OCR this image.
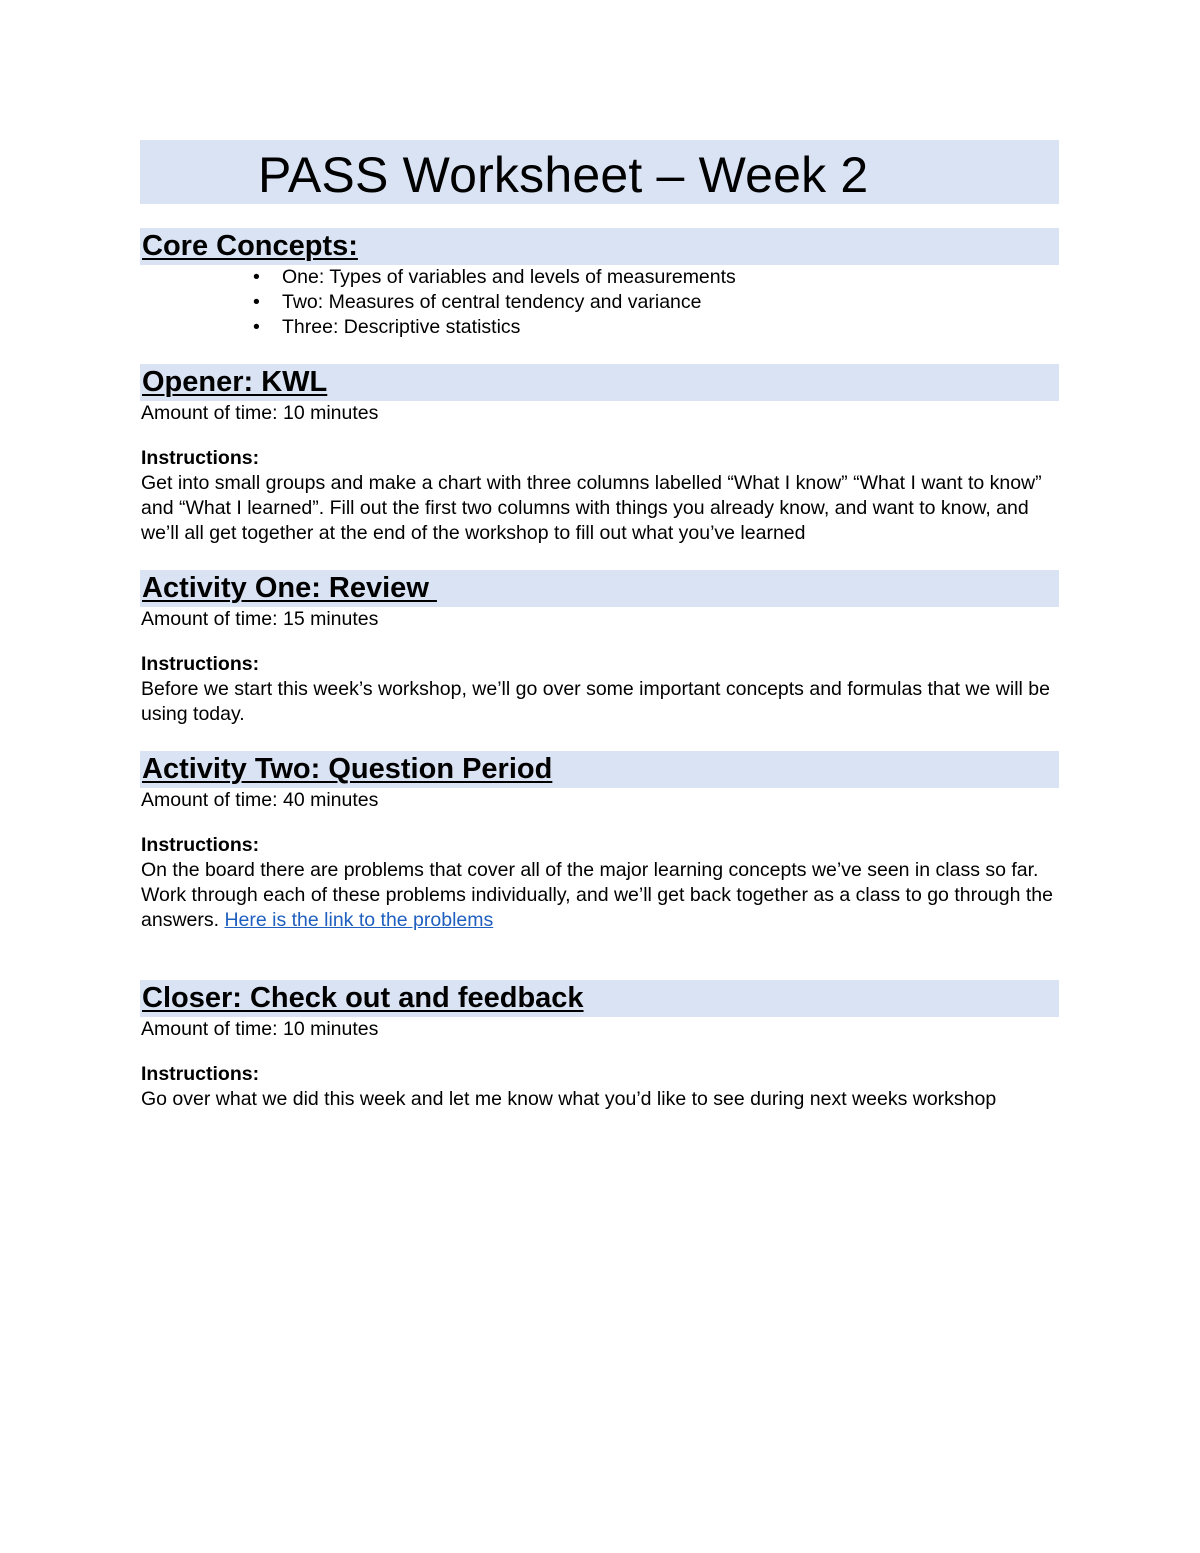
PASS Worksheet – Week 2
Core Concepts:
• One: Types of variables and levels of measurements
• Two: Measures of central tendency and variance
• Three: Descriptive statistics
Opener: KWL

Amount of time: 10 minutes

Instructions:

Get into small groups and make a chart with three columns labelled “What I know” “What I want to know” and “What I learned”. Fill out the first two columns with things you already know, and want to know, and we’ll all get together at the end of the workshop to fill out what you’ve learned

Activity One: Review

Amount of time: 15 minutes

Instructions:

Before we start this week’s workshop, we’ll go over some important concepts and formulas that we will be using today.

Activity Two: Question Period

Amount of time: 40 minutes

Instructions:

On the board there are problems that cover all of the major learning concepts we’ve seen in class so far. Work through each of these problems individually, and we’ll get back together as a class to go through the answers. Here is the link to the problems

Closer: Check out and feedback

Amount of time: 10 minutes

Instructions:

Go over what we did this week and let me know what you’d like to see during next weeks workshop
